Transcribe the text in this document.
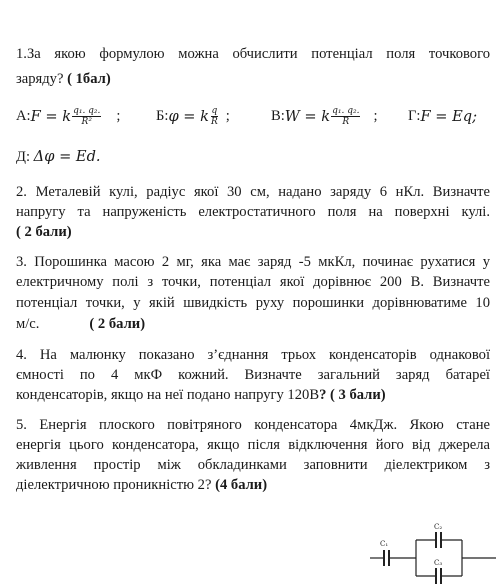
1.За якою формулою можна обчислити потенціал поля точкового
заряду? ( 1бал)
А: F = k $\frac{\text{q₁. q₂.}}{\text{R²}}$ ; Б: φ = k $\frac{q}{R}$ ;	В: W = k $\frac{\text{q₁. q₂.}}{R}$ ; Г: F = Eq;
Д: Δφ = Ed.
2. Металевій кулі, радіус якої 30 см, надано заряду 6 нКл. Визначте
напругу та напруженість електростатичного поля на поверхні кулі.
( 2 бали)
3. Порошинка масою 2 мг, яка має заряд -5 мкКл, починає рухатися у
електричному полі з точки, потенціал якої дорівнює 200 В. Визначте
потенціал точки, у якій швидкість руху порошинки дорівнюватиме 10
м/с.	( 2 бали)
4. На малюнку показано з’єднання трьох конденсаторів однакової
ємності по 4 мкФ кожний. Визначте загальний заряд батареї
конденсаторів, якщо на неї подано напругу 120В? ( 3 бали)
5. Енергія плоского повітряного конденсатора 4мкДж. Якою стане
енергія цього конденсатора, якщо після відключення його від джерела
живлення простір між обкладинками заповнити діелектриком з
діелектричною проникністю 2? (4 бали)
C₁
C₂
C₃
